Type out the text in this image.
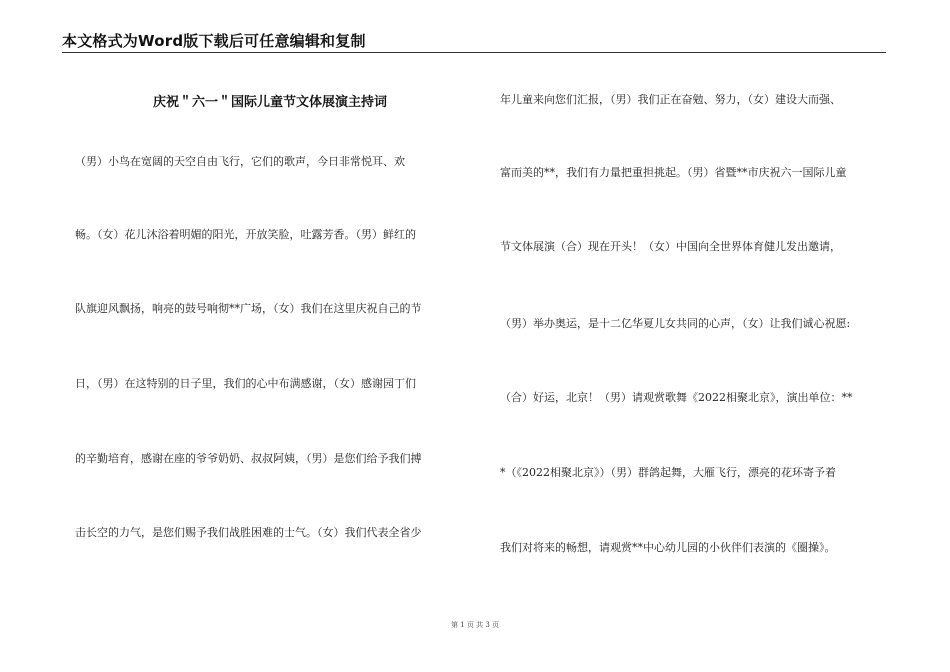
本文格式为Word版下载后可任意编辑和复制
庆祝＂六一＂国际儿童节文体展演主持词
（男）小鸟在宽阔的天空自由飞行，它们的歌声，今日非常悦耳、欢
畅。（女）花儿沐浴着明媚的阳光，开放笑脸，吐露芳香。（男）鲜红的
队旗迎风飘扬，响亮的鼓号响彻**广场，（女）我们在这里庆祝自己的节
日，（男）在这特别的日子里，我们的心中布满感谢，（女）感谢园丁们
的辛勤培育，感谢在座的爷爷奶奶、叔叔阿姨，（男）是您们给予我们搏
击长空的力气，是您们赐予我们战胜困难的士气。（女）我们代表全省少
年儿童来向您们汇报，（男）我们正在奋勉、努力，（女）建设大而强、
富而美的**，我们有力量把重担挑起。（男）省暨**市庆祝六一国际儿童
节文体展演（合）现在开头！（女）中国向全世界体育健儿发出邀请，
（男）举办奥运，是十二亿华夏儿女共同的心声，（女）让我们诚心祝愿:
（合）好运，北京！（男）请观赏歌舞《2022相聚北京》，演出单位：**
*（《2022相聚北京》）（男）群鸽起舞，大雁飞行，漂亮的花环寄予着
我们对将来的畅想，请观赏**中心幼儿园的小伙伴们表演的《圈操》。
第 1 页 共 3 页
